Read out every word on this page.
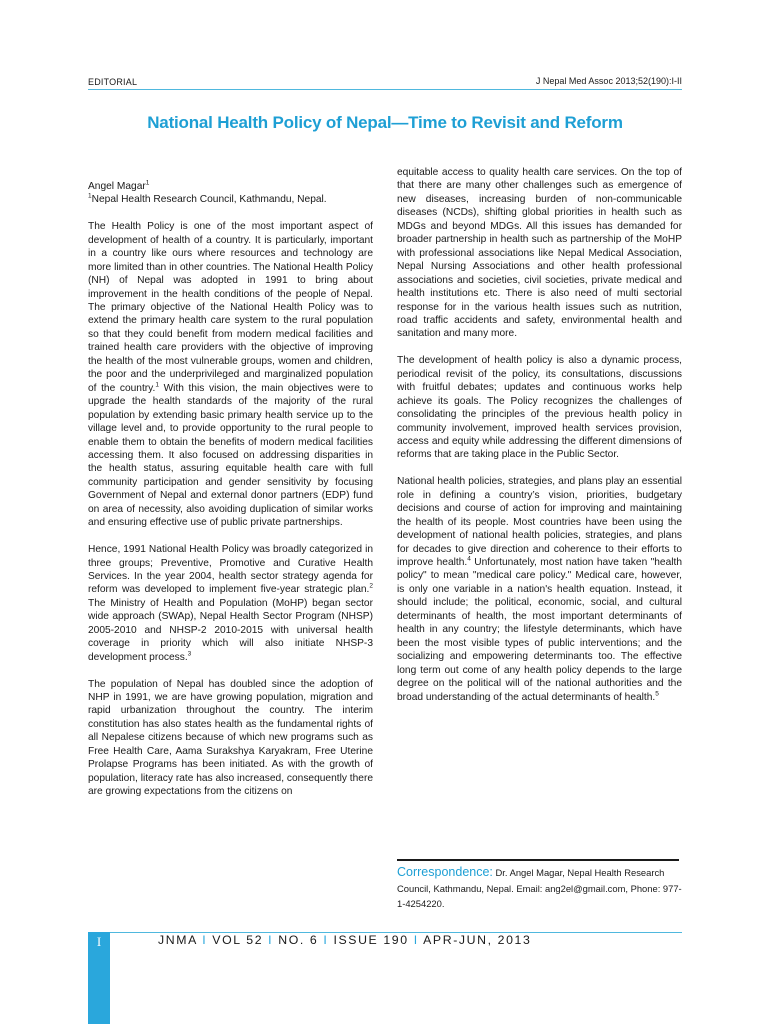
EDITORIAL	J Nepal Med Assoc 2013;52(190):I-II
National Health Policy of Nepal—Time to Revisit and Reform

Angel Magar$^1$

$^1$Nepal Health Research Council, Kathmandu, Nepal.

The Health Policy is one of the most important aspect of development of health of a country. It is particularly, important in a country like ours where resources and technology are more limited than in other countries. The National Health Policy (NH) of Nepal was adopted in 1991 to bring about improvement in the health conditions of the people of Nepal. The primary objective of the National Health Policy was to extend the primary health care system to the rural population so that they could benefit from modern medical facilities and trained health care providers with the objective of improving the health of the most vulnerable groups, women and children, the poor and the underprivileged and marginalized population of the country.$^1$ With this vision, the main objectives were to upgrade the health standards of the majority of the rural population by extending basic primary health service up to the village level and, to provide opportunity to the rural people to enable them to obtain the benefits of modern medical facilities accessing them. It also focused on addressing disparities in the health status, assuring equitable health care with full community participation and gender sensitivity by focusing Government of Nepal and external donor partners (EDP) fund on area of necessity, also avoiding duplication of similar works and ensuring effective use of public private partnerships.

Hence, 1991 National Health Policy was broadly categorized in three groups; Preventive, Promotive and Curative Health Services. In the year 2004, health sector strategy agenda for reform was developed to implement five-year strategic plan.$^2$ The Ministry of Health and Population (MoHP) began sector wide approach (SWAp), Nepal Health Sector Program (NHSP) 2005-2010 and NHSP-2 2010-2015 with universal health coverage in priority which will also initiate NHSP-3 development process.$^3$

The population of Nepal has doubled since the adoption of NHP in 1991, we are have growing population, migration and rapid urbanization throughout the country. The interim constitution has also states health as the fundamental rights of all Nepalese citizens because of which new programs such as Free Health Care, Aama Surakshya Karyakram, Free Uterine Prolapse Programs has been initiated. As with the growth of population, literacy rate has also increased, consequently there are growing expectations from the citizens on

equitable access to quality health care services. On the top of that there are many other challenges such as emergence of new diseases, increasing burden of non-communicable diseases (NCDs), shifting global priorities in health such as MDGs and beyond MDGs. All this issues has demanded for broader partnership in health such as partnership of the MoHP with professional associations like Nepal Medical Association, Nepal Nursing Associations and other health professional associations and societies, civil societies, private medical and health institutions etc. There is also need of multi sectorial response for in the various health issues such as nutrition, road traffic accidents and safety, environmental health and sanitation and many more.

The development of health policy is also a dynamic process, periodical revisit of the policy, its consultations, discussions with fruitful debates; updates and continuous works help achieve its goals. The Policy recognizes the challenges of consolidating the principles of the previous health policy in community involvement, improved health services provision, access and equity while addressing the different dimensions of reforms that are taking place in the Public Sector.

National health policies, strategies, and plans play an essential role in defining a country’s vision, priorities, budgetary decisions and course of action for improving and maintaining the health of its people. Most countries have been using the development of national health policies, strategies, and plans for decades to give direction and coherence to their efforts to improve health.$^4$ Unfortunately, most nation have taken "health policy" to mean "medical care policy." Medical care, however, is only one variable in a nation's health equation. Instead, it should include; the political, economic, social, and cultural determinants of health, the most important determinants of health in any country; the lifestyle determinants, which have been the most visible types of public interventions; and the socializing and empowering determinants too. The effective long term out come of any health policy depends to the large degree on the political will of the national authorities and the broad understanding of the actual determinants of health.$^5$

Correspondence: Dr. Angel Magar, Nepal Health Research Council, Kathmandu, Nepal. Email: ang2el@gmail.com, Phone: 977-1-4254220.
I	JNMA I VOL 52 I NO. 6 I ISSUE 190 I APR-JUN, 2013
